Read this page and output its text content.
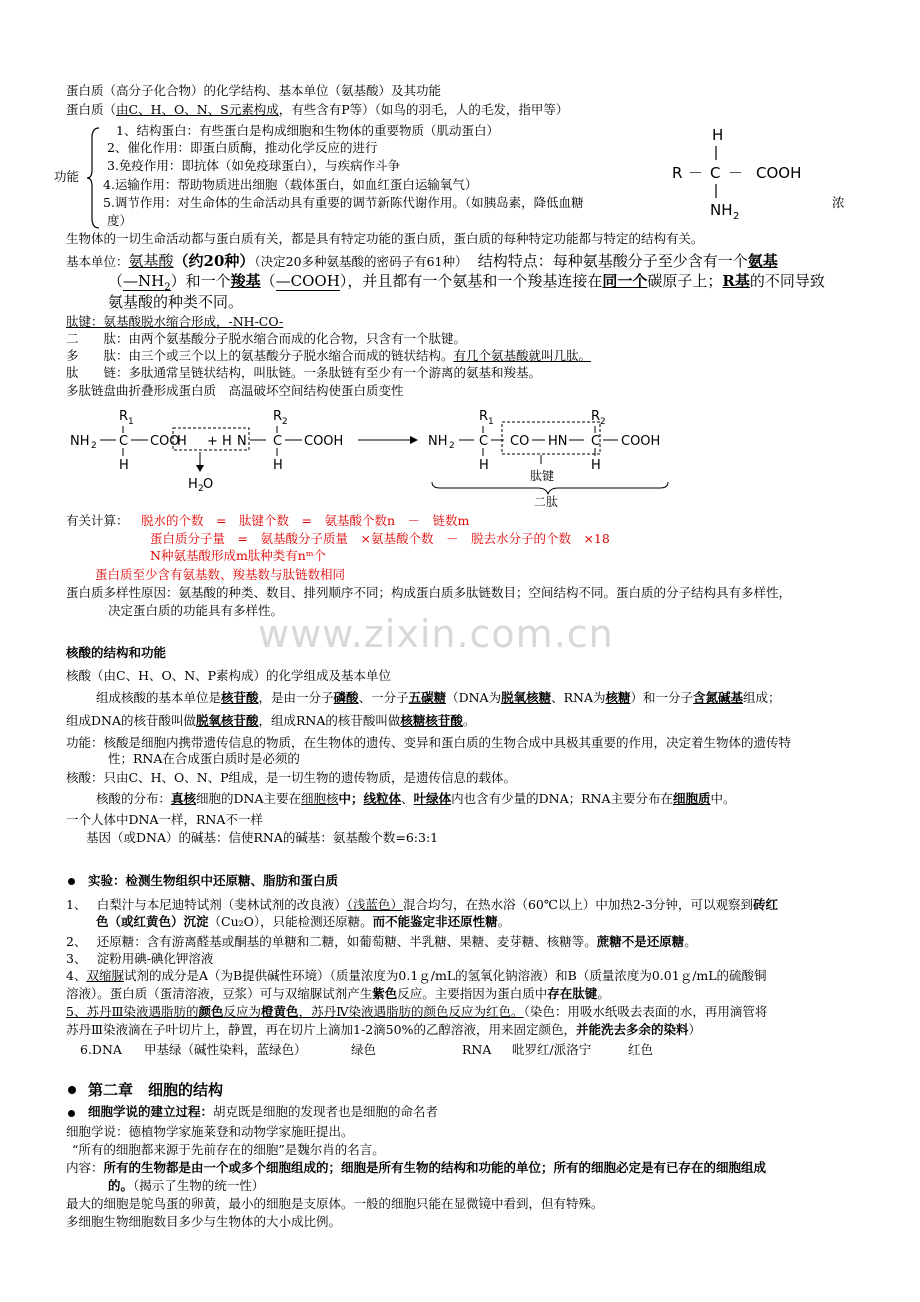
蛋白质（高分子化合物）的化学结构、基本单位（氨基酸）及其功能
蛋白质（由C、H、O、N、S元素构成，有些含有P等）（如鸟的羽毛，人的毛发，指甲等）
功能
1、结构蛋白：有些蛋白是构成细胞和生物体的重要物质（肌动蛋白）
2、催化作用：即蛋白质酶，推动化学反应的进行
3.免疫作用：即抗体（如免疫球蛋白），与疾病作斗争
4.运输作用：帮助物质进出细胞（载体蛋白，如血红蛋白运输氧气）
5.调节作用：对生命体的生命活动具有重要的调节新陈代谢作用。（如胰岛素，降低血糖
度）
浓
H
R － C － COOH
NH 2
生物体的一切生命活动都与蛋白质有关，都是具有特定功能的蛋白质，蛋白质的每种特定功能都与特定的结构有关。
基本单位：氨基酸（约20种）（决定20多种氨基酸的密码子有61种）　 结构特点：每种氨基酸分子至少含有一个氨基
$(—NH_2)$和一个羧基（—COOH），并且都有一个氨基和一个羧基连接在同一个碳原子上；R基的不同导致
氨基酸的种类不同。
肽键：氨基酸脱水缩合形成，-NH-CO-
二　　肽：由两个氨基酸分子脱水缩合而成的化合物，只含有一个肽键。
多　　肽：由三个或三个以上的氨基酸分子脱水缩合而成的链状结构。有几个氨基酸就叫几肽。
肽　　链：多肽通常呈链状结构，叫肽链。一条肽链有至少有一个游离的氨基和羧基。
多肽链盘曲折叠形成蛋白质　高温破坏空间结构使蛋白质变性
NH 2
R 1
C
H
COO
H + H
H 2 O
N
R 2
C
H
COOH	NH 2
R 1
C
H
CO HN
R 2
C
H
COOH
肽键
二肽
有关计算： 脱水的个数　=　肽键个数　=　氨基酸个数n　－　链数m
蛋白质分子量　=　氨基酸分子质量　×氨基酸个数　－　脱去水分子的个数　×18
N种氨基酸形成m肽种类有nᵐ个
蛋白质至少含有氨基数、羧基数与肽链数相同
蛋白质多样性原因：氨基酸的种类、数目、排列顺序不同；构成蛋白质多肽链数目；空间结构不同。蛋白质的分子结构具有多样性，
决定蛋白质的功能具有多样性。
www.zixin.com.cn
核酸的结构和功能
核酸（由C、H、O、N、P素构成）的化学组成及基本单位
组成核酸的基本单位是核苷酸，是由一分子磷酸、一分子五碳糖（DNA为脱氧核糖、RNA为核糖）和一分子含氮碱基组成；
组成DNA的核苷酸叫做脱氧核苷酸，组成RNA的核苷酸叫做核糖核苷酸。
功能：核酸是细胞内携带遗传信息的物质，在生物体的遗传、变异和蛋白质的生物合成中具极其重要的作用，决定着生物体的遗传特
性；RNA在合成蛋白质时是必须的
核酸：只由C、H、O、N、P组成，是一切生物的遗传物质，是遗传信息的载体。
核酸的分布：真核细胞的DNA主要在细胞核中；线粒体、叶绿体内也含有少量的DNA；RNA主要分布在细胞质中。
一个人体中DNA一样，RNA不一样
基因（或DNA）的碱基：信使RNA的碱基：氨基酸个数=6:3:1
实验：检测生物组织中还原糖、脂肪和蛋白质
1、　 白梨汁与本尼迪特试剂（斐林试剂的改良液）（浅蓝色）混合均匀，在热水浴（60℃以上）中加热2-3分钟，可以观察到砖红
色（或红黄色）沉淀（Cu₂O），只能检测还原糖。而不能鉴定非还原性糖。
2、　 还原糖：含有游离醛基或酮基的单糖和二糖，如葡萄糖、半乳糖、果糖、麦芽糖、核糖等。蔗糖不是还原糖。
3、　 淀粉用碘-碘化钾溶液
4、双缩脲试剂的成分是A（为B提供碱性环境）（质量浓度为0.1ｇ/mL的氢氧化钠溶液）和B（质量浓度为0.01ｇ/mL的硫酸铜
溶液）。蛋白质（蛋清溶液，豆浆）可与双缩脲试剂产生紫色反应。主要指因为蛋白质中存在肽键。
5、苏丹Ⅲ染液遇脂肪的颜色反应为橙黄色，苏丹Ⅳ染液遇脂肪的颜色反应为红色。（染色：用吸水纸吸去表面的水，再用滴管将
苏丹Ⅲ染液滴在子叶切片上，静置，再在切片上滴加1-2滴50%的乙醇溶液，用来固定颜色，并能洗去多余的染料）
6.DNA 甲基绿（碱性染料，蓝绿色）	绿色	RNA 吡罗红/派洛宁	红色
第二章　细胞的结构
细胞学说的建立过程：胡克既是细胞的发现者也是细胞的命名者
细胞学说：德植物学家施莱登和动物学家施旺提出。
“所有的细胞都来源于先前存在的细胞”是魏尔肖的名言。
内容：所有的生物都是由一个或多个细胞组成的；细胞是所有生物的结构和功能的单位；所有的细胞必定是有已存在的细胞组成
的。（揭示了生物的统一性）
最大的细胞是鸵鸟蛋的卵黄，最小的细胞是支原体。一般的细胞只能在显微镜中看到，但有特殊。
多细胞生物细胞数目多少与生物体的大小成比例。
